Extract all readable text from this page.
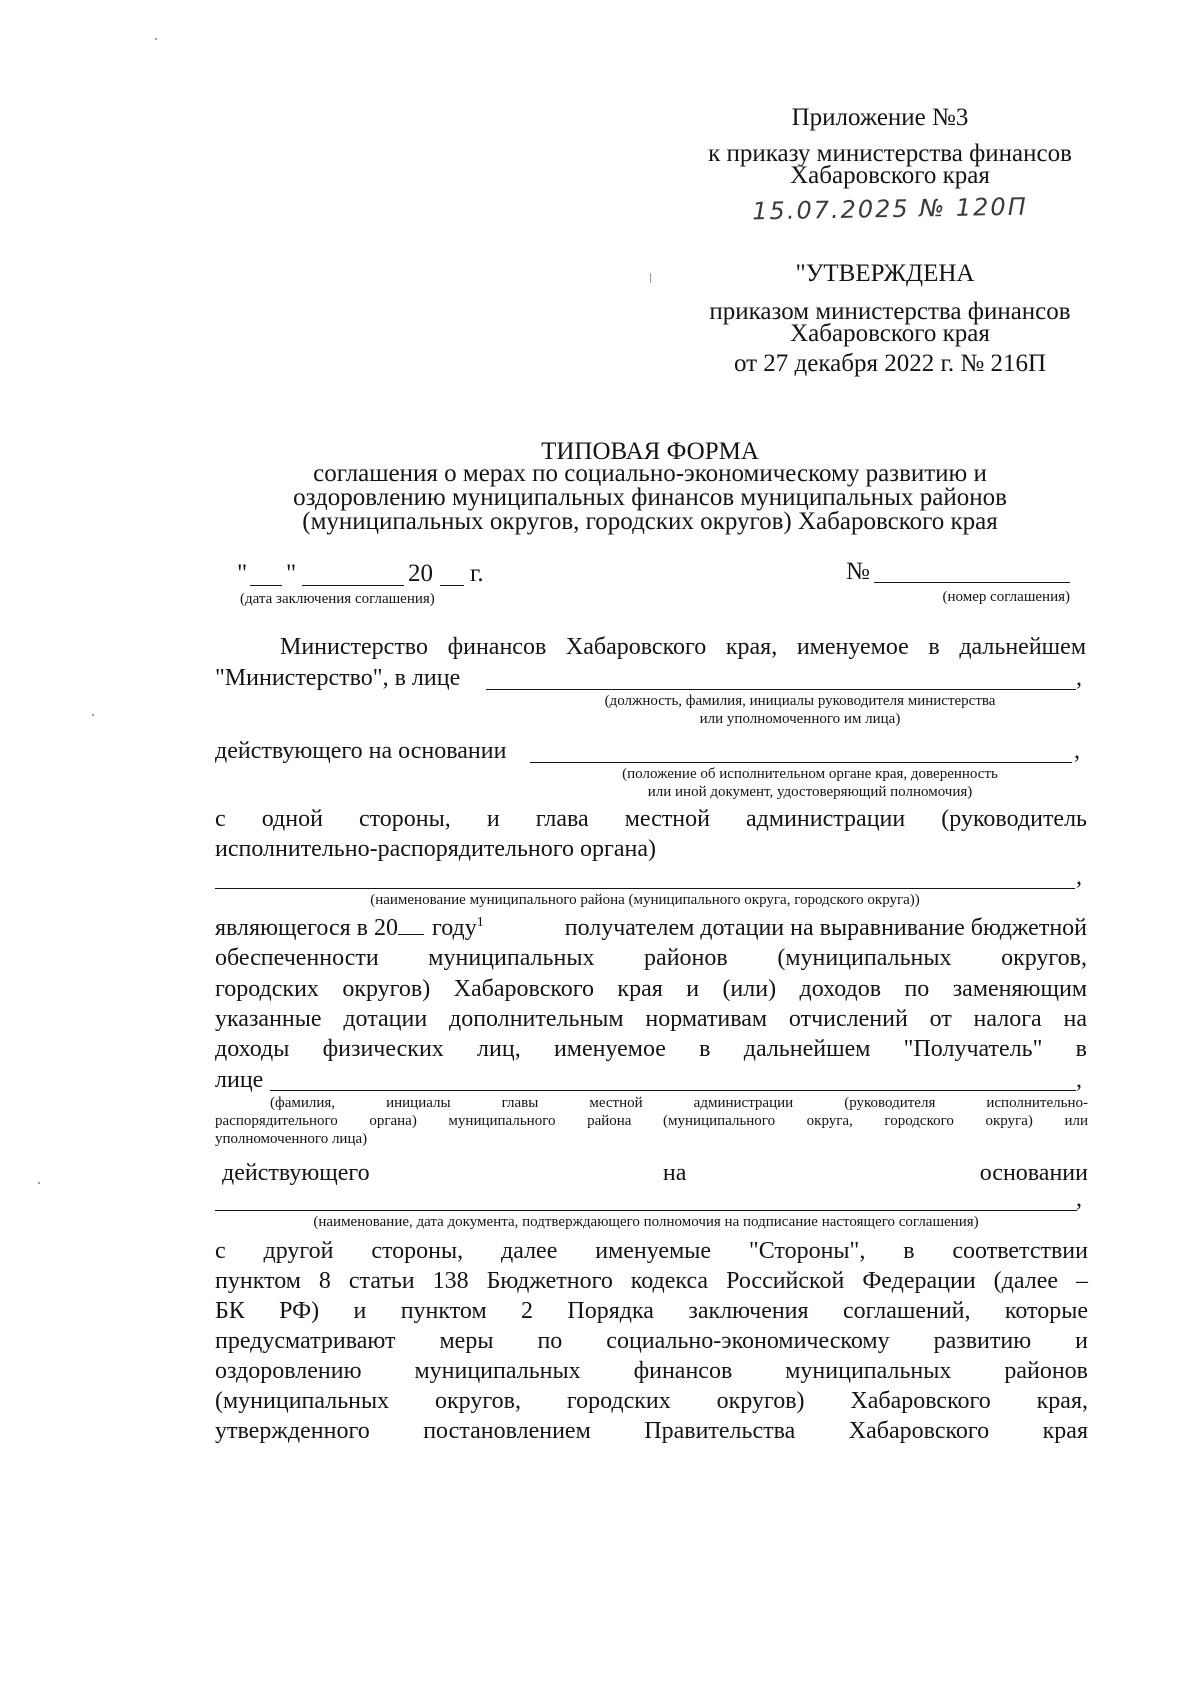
Приложение №3
к приказу министерства финансов
Хабаровского края
15.07.2025 № 120П
"УТВЕРЖДЕНА
приказом министерства финансов
Хабаровского края
от 27 декабря 2022 г. № 216П
ТИПОВАЯ ФОРМА
соглашения о мерах по социально-экономическому развитию и
оздоровлению муниципальных финансов муниципальных районов
(муниципальных округов, городских округов) Хабаровского края
" "	20 г.
(дата заключения соглашения)
№
(номер соглашения)
Министерство финансов Хабаровского края, именуемое в дальнейшем
"Министерство", в лице	,
(должность, фамилия, инициалы руководителя министерства
или уполномоченного им лица)
действующего на основании	,
(положение об исполнительном органе края, доверенность
или иной документ, удостоверяющий полномочия)
с одной стороны, и глава местной администрации (руководитель
исполнительно-распорядительного органа)
,
(наименование муниципального района (муниципального округа, городского округа))
являющегося в 20 году$^1$	получателем дотации на выравнивание бюджетной
обеспеченности муниципальных районов (муниципальных округов,
городских округов) Хабаровского края и (или) доходов по заменяющим
указанные дотации дополнительным нормативам отчислений от налога на
доходы физических лиц, именуемое в дальнейшем "Получатель" в
лице	,
(фамилия, инициалы главы местной администрации (руководителя исполнительно-
распорядительного органа) муниципального района (муниципального округа, городского округа) или
уполномоченного лица)
действующего на основании
,
(наименование, дата документа, подтверждающего полномочия на подписание настоящего соглашения)
с другой стороны, далее именуемые "Стороны", в соответствии
пунктом 8 статьи 138 Бюджетного кодекса Российской Федерации (далее –
БК РФ) и пунктом 2 Порядка заключения соглашений, которые
предусматривают меры по социально-экономическому развитию и
оздоровлению муниципальных финансов муниципальных районов
(муниципальных округов, городских округов) Хабаровского края,
утвержденного постановлением Правительства Хабаровского края
